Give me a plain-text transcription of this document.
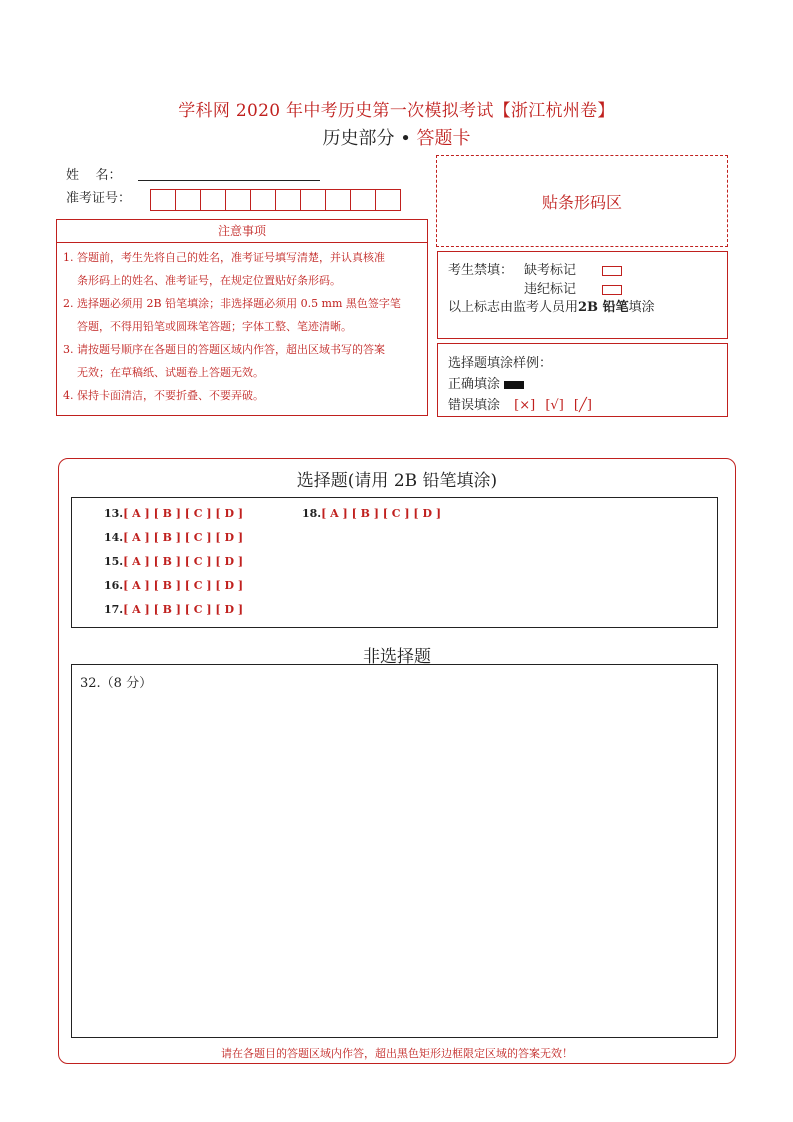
学科网 2020 年中考历史第一次模拟考试【浙江杭州卷】
历史部分 • 答题卡
姓    名：
准考证号：	贴条形码区
注意事项
1. 答题前，考生先将自己的姓名，准考证号填写清楚，并认真核准
条形码上的姓名、准考证号，在规定位置贴好条形码。
2. 选择题必须用 2B 铅笔填涂；非选择题必须用 0.5 mm 黑色签字笔
答题，不得用铅笔或圆珠笔答题；字体工整、笔迹清晰。
3. 请按题号顺序在各题目的答题区域内作答，超出区域书写的答案
无效；在草稿纸、试题卷上答题无效。
4. 保持卡面清洁，不要折叠、不要弄破。
考生禁填： 缺考标记
违纪标记
以上标志由监考人员用2B 铅笔填涂
选择题填涂样例：
正确填涂
错误填涂 [×] [√] [╱]
选择题(请用 2B 铅笔填涂)
13.[ A ] [ B ] [ C ] [ D ]
14.[ A ] [ B ] [ C ] [ D ]
15.[ A ] [ B ] [ C ] [ D ]
16.[ A ] [ B ] [ C ] [ D ]
17.[ A ] [ B ] [ C ] [ D ]
18.[ A ] [ B ] [ C ] [ D ]
非选择题
32.（8 分）
请在各题目的答题区域内作答，超出黑色矩形边框限定区域的答案无效！
